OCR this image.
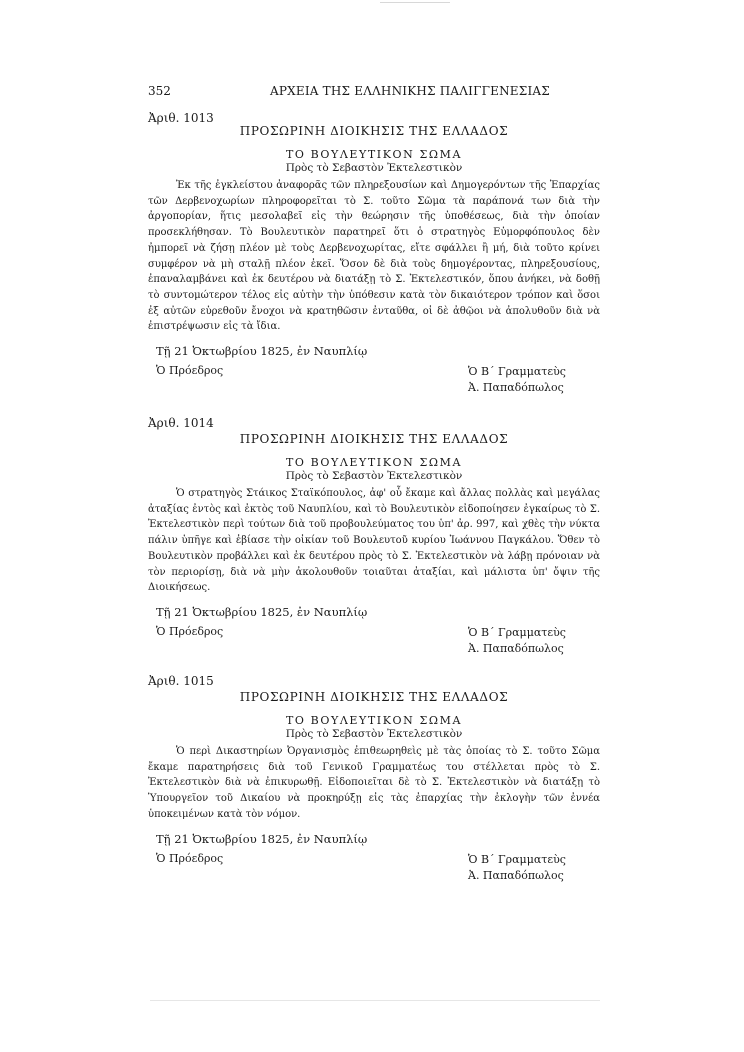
352	ΑΡΧΕΙΑ ΤΗΣ ΕΛΛΗΝΙΚΗΣ ΠΑΛΙΓΓΕΝΕΣΙΑΣ
Ἀριθ. 1013
ΠΡΟΣΩΡΙΝΗ ΔΙΟΙΚΗΣΙΣ ΤΗΣ ΕΛΛΑΔΟΣ
ΤΟ ΒΟΥΛΕΥΤΙΚΟΝ ΣΩΜΑ
Πρὸς τὸ Σεβαστὸν Ἐκτελεστικὸν
Ἐκ τῆς ἐγκλείστου ἀναφορᾶς τῶν πληρεξουσίων καὶ Δημογερόντων τῆς Ἐπαρχίας τῶν Δερβενοχωρίων πληροφορεῖται τὸ Σ. τοῦτο Σῶμα τὰ παράπονά των διὰ τὴν ἀργοπορίαν, ἥτις μεσολαβεῖ εἰς τὴν θεώρησιν τῆς ὑποθέσεως, διὰ τὴν ὁποίαν προσεκλήθησαν. Τὸ Βουλευτικὸν παρατηρεῖ ὅτι ὁ στρατηγὸς Εὐμορφόπουλος δὲν ἠμπορεῖ νὰ ζήσῃ πλέον μὲ τοὺς Δερβενοχωρίτας, εἴτε σφάλλει ἢ μή, διὰ τοῦτο κρίνει συμφέρον νὰ μὴ σταλῇ πλέον ἐκεῖ. Ὅσον δὲ διὰ τοὺς δημογέροντας, πληρεξουσίους, ἐπαναλαμβάνει καὶ ἐκ δευτέρου νὰ διατάξῃ τὸ Σ. Ἐκτελεστικόν, ὅπου ἀνήκει, νὰ δοθῇ τὸ συντομώτερον τέλος εἰς αὐτὴν τὴν ὑπόθεσιν κατὰ τὸν δικαιότερον τρόπον καὶ ὅσοι ἐξ αὐτῶν εὑρεθοῦν ἔνοχοι νὰ κρατηθῶσιν ἐνταῦθα, οἱ δὲ ἀθῷοι νὰ ἀπολυθοῦν διὰ νὰ ἐπιστρέψωσιν εἰς τὰ ἴδια.
Τῇ 21 Ὀκτωβρίου 1825, ἐν Ναυπλίῳ
Ὁ Πρόεδρος	Ὁ Β΄ Γραμματεὺς
Ἀ. Παπαδόπωλος
Ἀριθ. 1014
ΠΡΟΣΩΡΙΝΗ ΔΙΟΙΚΗΣΙΣ ΤΗΣ ΕΛΛΑΔΟΣ
ΤΟ ΒΟΥΛΕΥΤΙΚΟΝ ΣΩΜΑ
Πρὸς τὸ Σεβαστὸν Ἐκτελεστικὸν
Ὁ στρατηγὸς Στάικος Σταϊκόπουλος, ἀφ' οὗ ἔκαμε καὶ ἄλλας πολλὰς καὶ μεγάλας ἀταξίας ἐντὸς καὶ ἐκτὸς τοῦ Ναυπλίου, καὶ τὸ Βουλευτικὸν εἰδοποίησεν ἐγκαίρως τὸ Σ. Ἐκτελεστικὸν περὶ τούτων διὰ τοῦ προβουλεύματος του ὑπ' ἀρ. 997, καὶ χθὲς τὴν νύκτα πάλιν ὑπῆγε καὶ ἐβίασε τὴν οἰκίαν τοῦ Βουλευτοῦ κυρίου Ἰωάννου Παγκάλου. Ὅθεν τὸ Βουλευτικὸν προβάλλει καὶ ἐκ δευτέρου πρὸς τὸ Σ. Ἐκτελεστικὸν νὰ λάβῃ πρόνοιαν νὰ τὸν περιορίσῃ, διὰ νὰ μὴν ἀκολουθοῦν τοιαῦται ἀταξίαι, καὶ μάλιστα ὑπ' ὄψιν τῆς Διοικήσεως.
Τῇ 21 Ὀκτωβρίου 1825, ἐν Ναυπλίῳ
Ὁ Πρόεδρος	Ὁ Β΄ Γραμματεὺς
Ἀ. Παπαδόπωλος
Ἀριθ. 1015
ΠΡΟΣΩΡΙΝΗ ΔΙΟΙΚΗΣΙΣ ΤΗΣ ΕΛΛΑΔΟΣ
ΤΟ ΒΟΥΛΕΥΤΙΚΟΝ ΣΩΜΑ
Πρὸς τὸ Σεβαστὸν Ἐκτελεστικὸν
Ὁ περὶ Δικαστηρίων Ὀργανισμὸς ἐπιθεωρηθεὶς μὲ τὰς ὁποίας τὸ Σ. τοῦτο Σῶμα ἔκαμε παρατηρήσεις διὰ τοῦ Γενικοῦ Γραμματέως του στέλλεται πρὸς τὸ Σ. Ἐκτελεστικὸν διὰ νὰ ἐπικυρωθῇ. Εἰδοποιεῖται δὲ τὸ Σ. Ἐκτελεστικὸν νὰ διατάξῃ τὸ Ὑπουργεῖον τοῦ Δικαίου νὰ προκηρύξῃ εἰς τὰς ἐπαρχίας τὴν ἐκλογὴν τῶν ἐννέα ὑποκειμένων κατὰ τὸν νόμον.
Τῇ 21 Ὀκτωβρίου 1825, ἐν Ναυπλίῳ
Ὁ Πρόεδρος	Ὁ Β΄ Γραμματεὺς
Ἀ. Παπαδόπωλος
